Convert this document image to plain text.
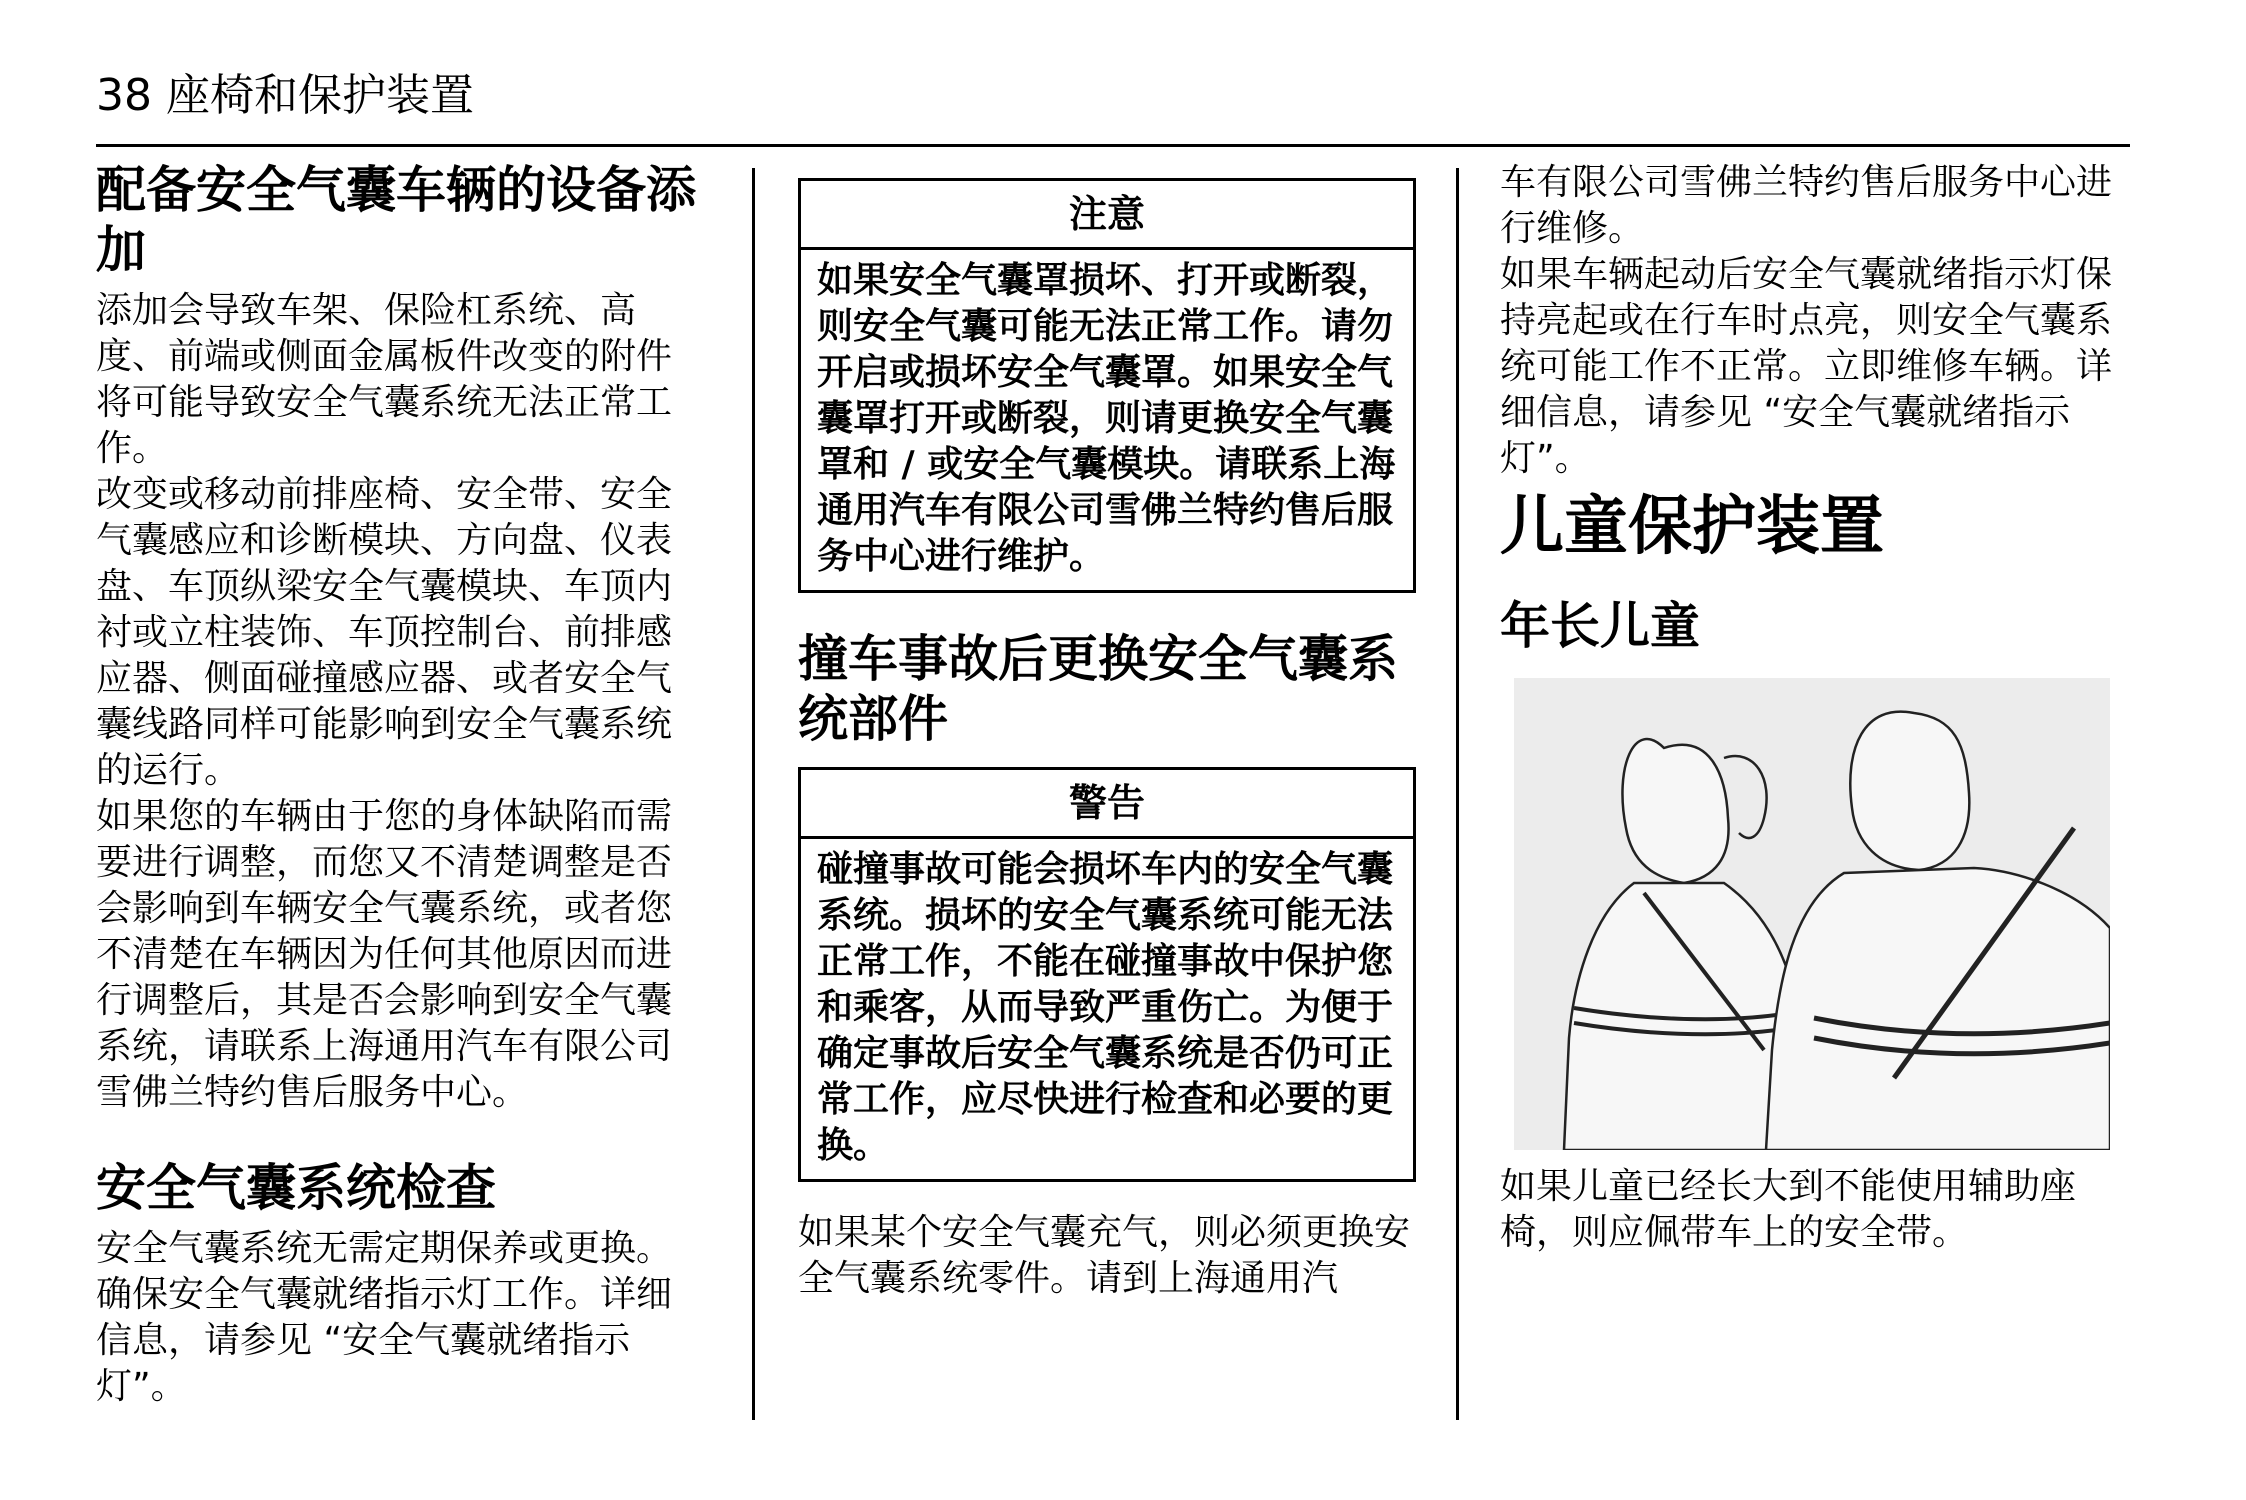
38 座椅和保护装置
配备安全气囊车辆的设备添加

添加会导致车架、保险杠系统、高度、前端或侧面金属板件改变的附件将可能导致安全气囊系统无法正常工作。

改变或移动前排座椅、安全带、安全气囊感应和诊断模块、方向盘、仪表盘、车顶纵梁安全气囊模块、车顶内衬或立柱装饰、车顶控制台、前排感应器、侧面碰撞感应器、或者安全气囊线路同样可能影响到安全气囊系统的运行。

如果您的车辆由于您的身体缺陷而需要进行调整，而您又不清楚调整是否会影响到车辆安全气囊系统，或者您不清楚在车辆因为任何其他原因而进行调整后，其是否会影响到安全气囊系统，请联系上海通用汽车有限公司雪佛兰特约售后服务中心。

安全气囊系统检查

安全气囊系统无需定期保养或更换。确保安全气囊就绪指示灯工作。详细信息，请参见 “安全气囊就绪指示灯”。

注意
如果安全气囊罩损坏、打开或断裂，则安全气囊可能无法正常工作。请勿开启或损坏安全气囊罩。如果安全气囊罩打开或断裂，则请更换安全气囊罩和 / 或安全气囊模块。请联系上海通用汽车有限公司雪佛兰特约售后服务中心进行维护。
撞车事故后更换安全气囊系统部件
警告
碰撞事故可能会损坏车内的安全气囊系统。损坏的安全气囊系统可能无法正常工作，不能在碰撞事故中保护您和乘客，从而导致严重伤亡。为便于确定事故后安全气囊系统是否仍可正常工作，应尽快进行检查和必要的更换。

如果某个安全气囊充气，则必须更换安全气囊系统零件。请到上海通用汽

车有限公司雪佛兰特约售后服务中心进行维修。

如果车辆起动后安全气囊就绪指示灯保持亮起或在行车时点亮，则安全气囊系统可能工作不正常。立即维修车辆。详细信息，请参见 “安全气囊就绪指示灯”。

儿童保护装置
年长儿童

如果儿童已经长大到不能使用辅助座椅，则应佩带车上的安全带。
